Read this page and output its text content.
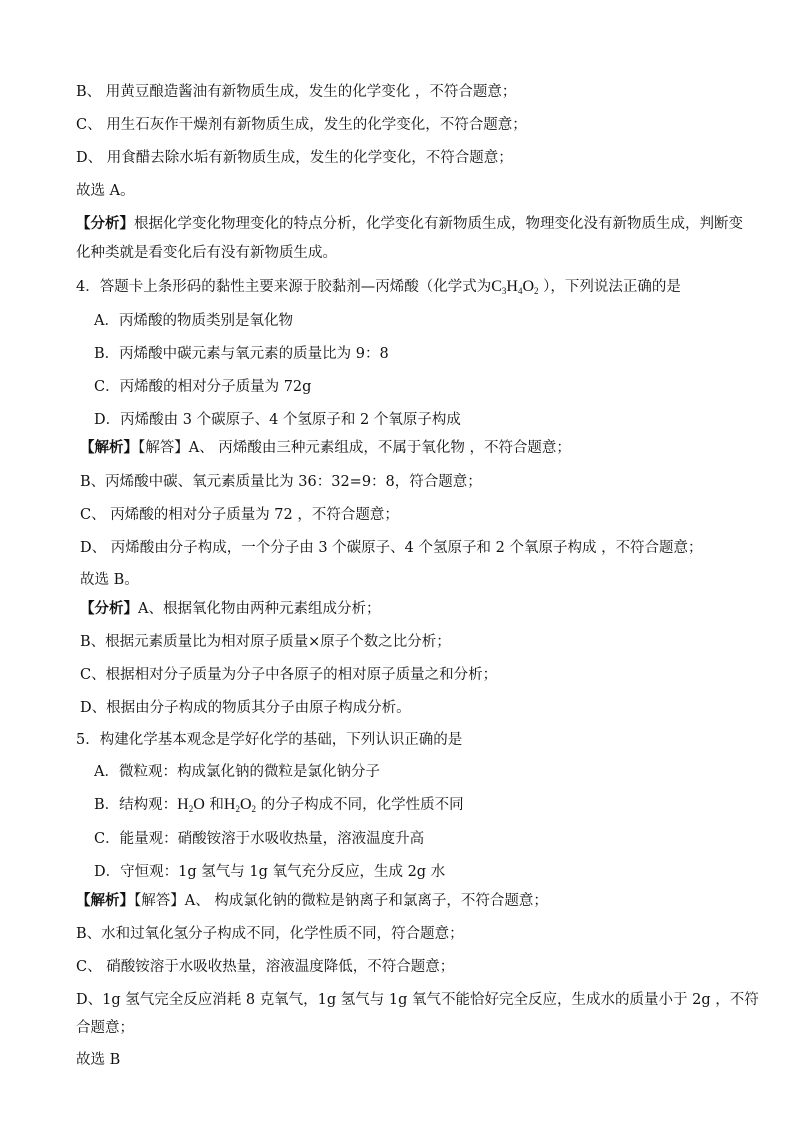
B、 用黄豆酿造酱油有新物质生成，发生的化学变化 ，不符合题意；
C、 用生石灰作干燥剂有新物质生成，发生的化学变化，不符合题意；
D、 用食醋去除水垢有新物质生成，发生的化学变化，不符合题意；
故选 A。
【分析】根据化学变化物理变化的特点分析，化学变化有新物质生成，物理变化没有新物质生成，判断变
化种类就是看变化后有没有新物质生成。
4．答题卡上条形码的黏性主要来源于胶黏剂—丙烯酸（化学式为$C_3H_4O_2$ ），下列说法正确的是
A．丙烯酸的物质类别是氧化物
B．丙烯酸中碳元素与氧元素的质量比为 9：8
C．丙烯酸的相对分子质量为 72g
D．丙烯酸由 3 个碳原子、4 个氢原子和 2 个氧原子构成
【解析】【解答】A、 丙烯酸由三种元素组成，不属于氧化物 ，不符合题意；
B、丙烯酸中碳、氧元素质量比为 36：32=9：8，符合题意；
C、 丙烯酸的相对分子质量为 72 ，不符合题意；
D、 丙烯酸由分子构成，一个分子由 3 个碳原子、4 个氢原子和 2 个氧原子构成 ，不符合题意；
故选 B。
【分析】A、根据氧化物由两种元素组成分析；
B、根据元素质量比为相对原子质量×原子个数之比分析；
C、根据相对分子质量为分子中各原子的相对原子质量之和分析；
D、根据由分子构成的物质其分子由原子构成分析。
5．构建化学基本观念是学好化学的基础，下列认识正确的是
A．微粒观：构成氯化钠的微粒是氯化钠分子
B．结构观：$H_2O$ 和$H_2O_2$ 的分子构成不同，化学性质不同
C．能量观：硝酸铵溶于水吸收热量，溶液温度升高
D．守恒观：1g 氢气与 1g 氧气充分反应，生成 2g 水
【解析】【解答】A、 构成氯化钠的微粒是钠离子和氯离子，不符合题意；
B、水和过氧化氢分子构成不同，化学性质不同，符合题意；
C、 硝酸铵溶于水吸收热量，溶液温度降低，不符合题意；
D、1g 氢气完全反应消耗 8 克氧气，1g 氢气与 1g 氧气不能恰好完全反应，生成水的质量小于 2g ，不符
合题意；
故选 B
